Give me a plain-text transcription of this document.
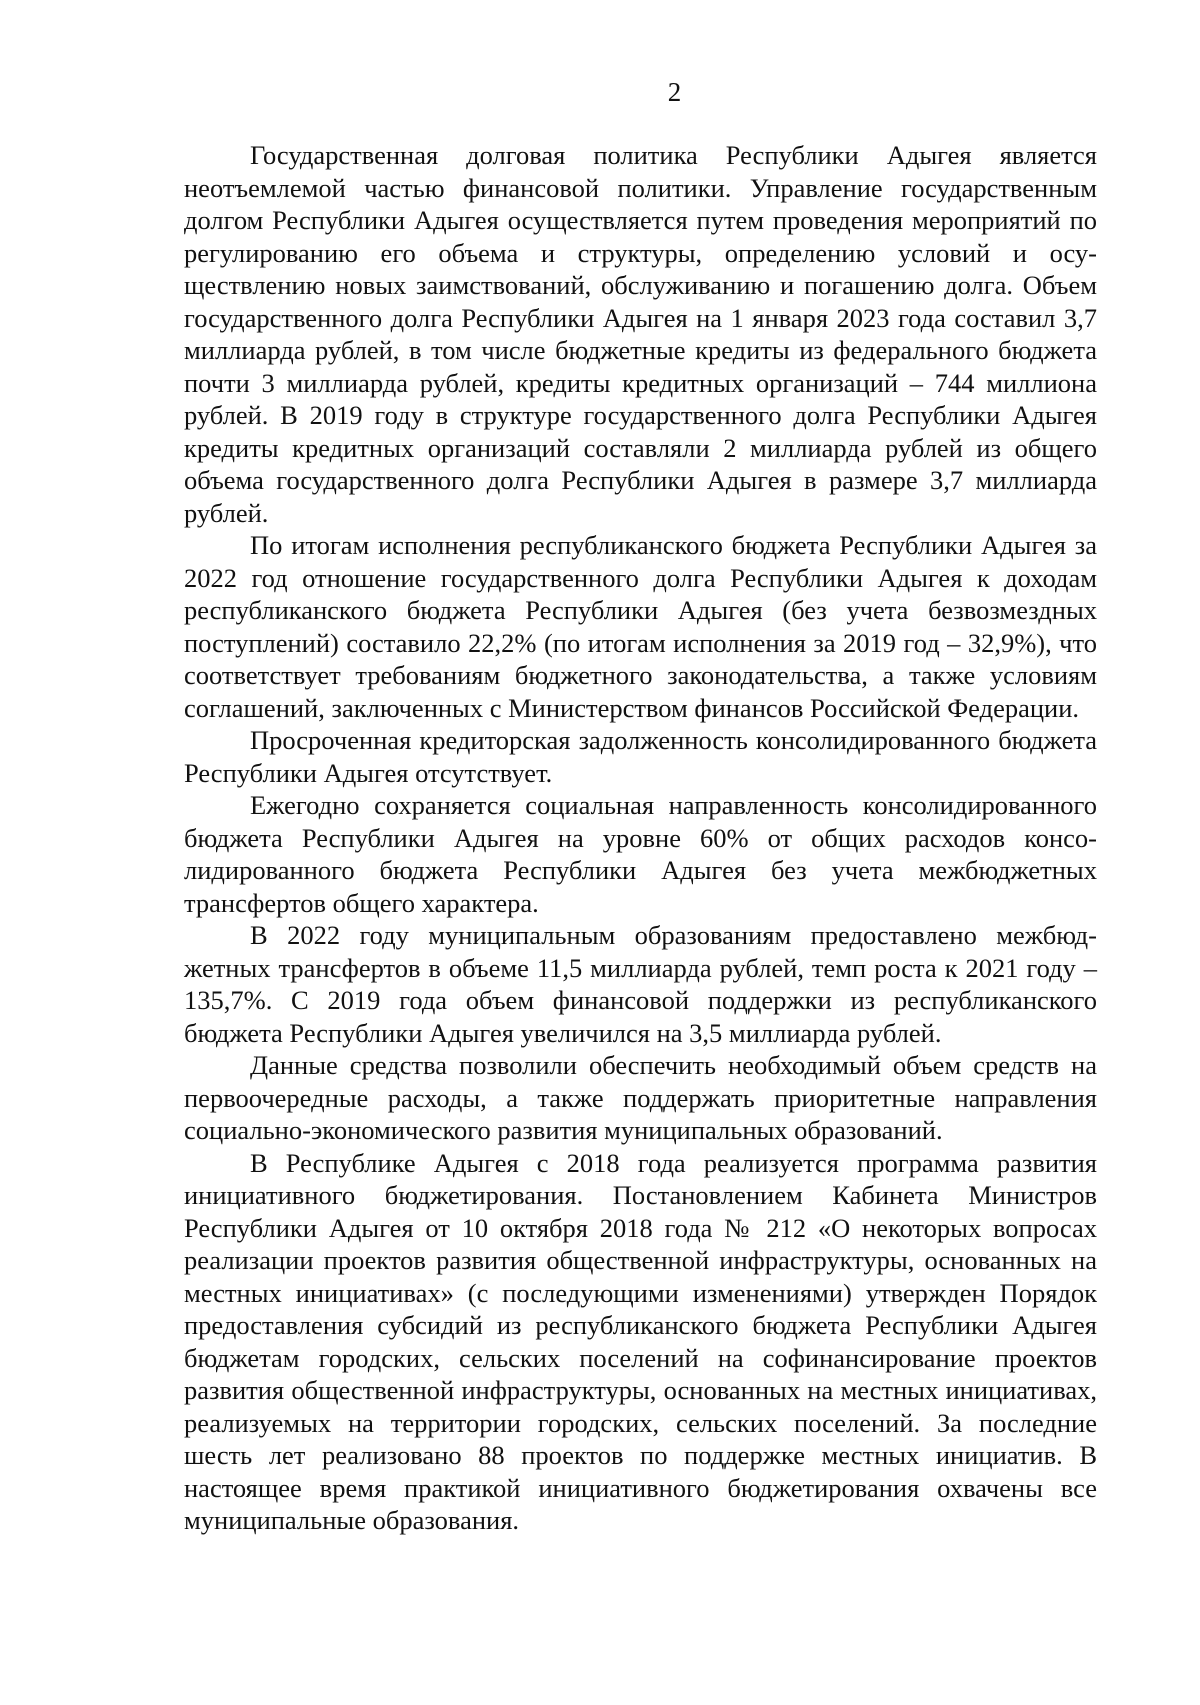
2

Государственная долговая политика Республики Адыгея является неотъемлемой частью финансовой политики. Управление государственным долгом Республики Адыгея осуществляется путем проведения мероприятий по регулированию его объема и структуры, определению условий и осуществлению новых заимствований, обслуживанию и погашению долга. Объем государственного долга Республики Адыгея на 1 января 2023 года составил 3,7 миллиарда рублей, в том числе бюджетные кредиты из федерального бюджета почти 3 миллиарда рублей, кредиты кредитных организаций – 744 миллиона рублей. В 2019 году в структуре государственного долга Республики Адыгея кредиты кредитных организаций составляли 2 миллиарда рублей из общего объема государственного долга Республики Адыгея в размере 3,7 миллиарда рублей.

По итогам исполнения республиканского бюджета Республики Адыгея за 2022 год отношение государственного долга Республики Адыгея к доходам республиканского бюджета Республики Адыгея (без учета безвозмездных поступлений) составило 22,2% (по итогам исполнения за 2019 год – 32,9%), что соответствует требованиям бюджетного законодательства, а также условиям соглашений, заключенных с Министерством финансов Российской Федерации.

Просроченная кредиторская задолженность консолидированного бюджета Республики Адыгея отсутствует.

Ежегодно сохраняется социальная направленность консолидированного бюджета Республики Адыгея на уровне 60% от общих расходов консолидированного бюджета Республики Адыгея без учета межбюджетных трансфертов общего характера.

В 2022 году муниципальным образованиям предоставлено межбюджетных трансфертов в объеме 11,5 миллиарда рублей, темп роста к 2021 году – 135,7%. С 2019 года объем финансовой поддержки из республиканского бюджета Республики Адыгея увеличился на 3,5 миллиарда рублей.

Данные средства позволили обеспечить необходимый объем средств на первоочередные расходы, а также поддержать приоритетные направления социально-экономического развития муниципальных образований.

В Республике Адыгея с 2018 года реализуется программа развития инициативного бюджетирования. Постановлением Кабинета Министров Республики Адыгея от 10 октября 2018 года № 212 «О некоторых вопросах реализации проектов развития общественной инфраструктуры, основанных на местных инициативах» (с последующими изменениями) утвержден Порядок предоставления субсидий из республиканского бюджета Республики Адыгея бюджетам городских, сельских поселений на софинансирование проектов развития общественной инфраструктуры, основанных на местных инициативах, реализуемых на территории городских, сельских поселений. За последние шесть лет реализовано 88 проектов по поддержке местных инициатив. В настоящее время практикой инициативного бюджетирования охвачены все муниципальные образования.
